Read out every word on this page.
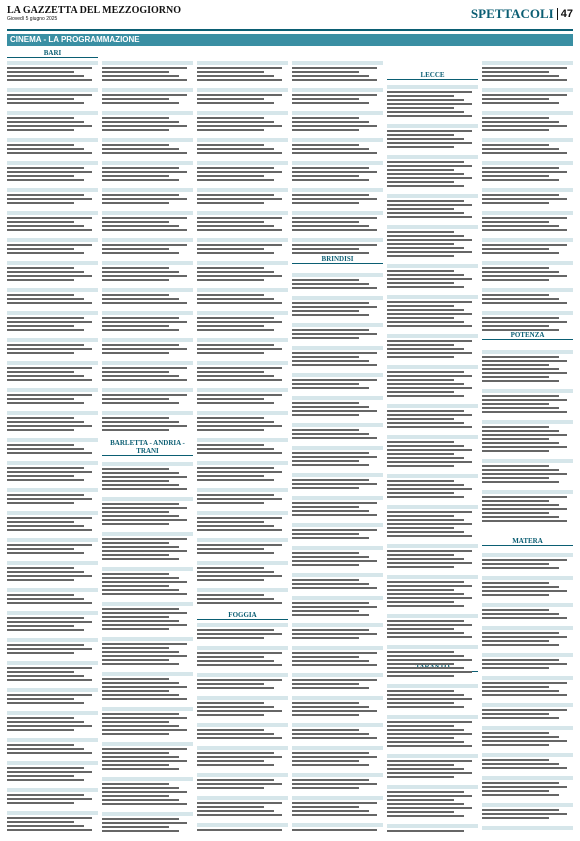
LA GAZZETTA DEL MEZZOGIORNO
Giovedì 5 giugno 2025	SPETTACOLI 47
CINEMA - LA PROGRAMMAZIONE
BARI
BARLETTA - ANDRIA - TRANI
FOGGIA
BRINDISI
LECCE
POTENZA
MATERA
